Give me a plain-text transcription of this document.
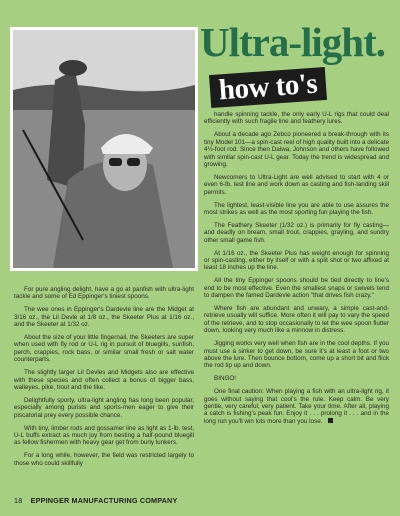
Ultra-light.
how to's

handle spinning tackle, the only early U-L rigs that could deal efficiently with such fragile line and feathery lures.

About a decade ago Zebco pioneered a break-through with its tiny Model 101—a spin-cast reel of high quality built into a delicate 4½-foot rod. Since then Daiwa, Johnson and others have followed with similar spin-cast U-L gear. Today the trend is widespread and growing.

Newcomers to Ultra-Light are well advised to start with 4 or even 6-lb. test line and work down as casting and fish-landing skill permits.

The lightest, least-visible line you are able to use assures the most strikes as well as the most sporting fun playing the fish.

The Feathery Skeeter (1/32 oz.) is primarily for fly casting—and deadly on bream, small trout, crappies, grayling, and sundry other small game fish.

At 1/16 oz., the Skeeter Plus has weight enough for spinning or spin-casting, either by itself or with a split shot or two affixed at least 18 inches up the line.

All the tiny Eppinger spoons should be tied directly to line's end to be most effective. Even the smallest snaps or swivels tend to dampen the famed Dardevle action "that drives fish crazy."

Where fish are abundant and unwary, a simple cast-and-retrieve usually will suffice. More often it will pay to vary the speed of the retrieve, and to stop occasionally to let the wee spoon flutter down, looking very much like a minnow in distress.

Jigging works very well when fish are in the cool depths. If you must use a sinker to get down, be sure it's at least a foot or two above the lure. Then bounce bottom, come up a short bit and flick the rod tip up and down.

BINGO!

One final caution: When playing a fish with an ultra-light rig, it goes without saying that cool's the rule. Keep calm. Be very gentle, very careful, very patient. Take your time. After all, playing a catch is fishing's peak fun. Enjoy it . . . prolong it . . . and in the long run you'll win lots more than you lose.

For pure angling delight, have a go at panfish with ultra-light tackle and some of Ed Eppinger's tiniest spoons.

The wee ones in Eppinger's Dardevle line are the Midget at 3/16 oz., the Lil Devle at 1/8 oz., the Skeeter Plus at 1/16 oz., and the Skeeter at 1/32 oz.

About the size of your little fingernail, the Skeeters are super when used with fly rod or U-L rig in pursuit of bluegills, sunfish, perch, crappies, rock bass, or similar small fresh or salt water counterparts.

The slightly larger Lil Devles and Midgets also are effective with these species and often collect a bonus of bigger bass, walleyes, pike, trout and the like.

Delightfully sporty, ultra-light angling has long been popular, especially among purists and sports-men eager to give their piscatorial prey every possible chance.

With tiny, limber rods and gossamer line as light as 1-lb. test, U-L buffs extract as much joy from besting a half-pound bluegill as fellow fishermen with heavy gear get from burly lunkers.

For a long while, however, the field was restricted largely to those who could skillfully

18 EPPINGER MANUFACTURING COMPANY
